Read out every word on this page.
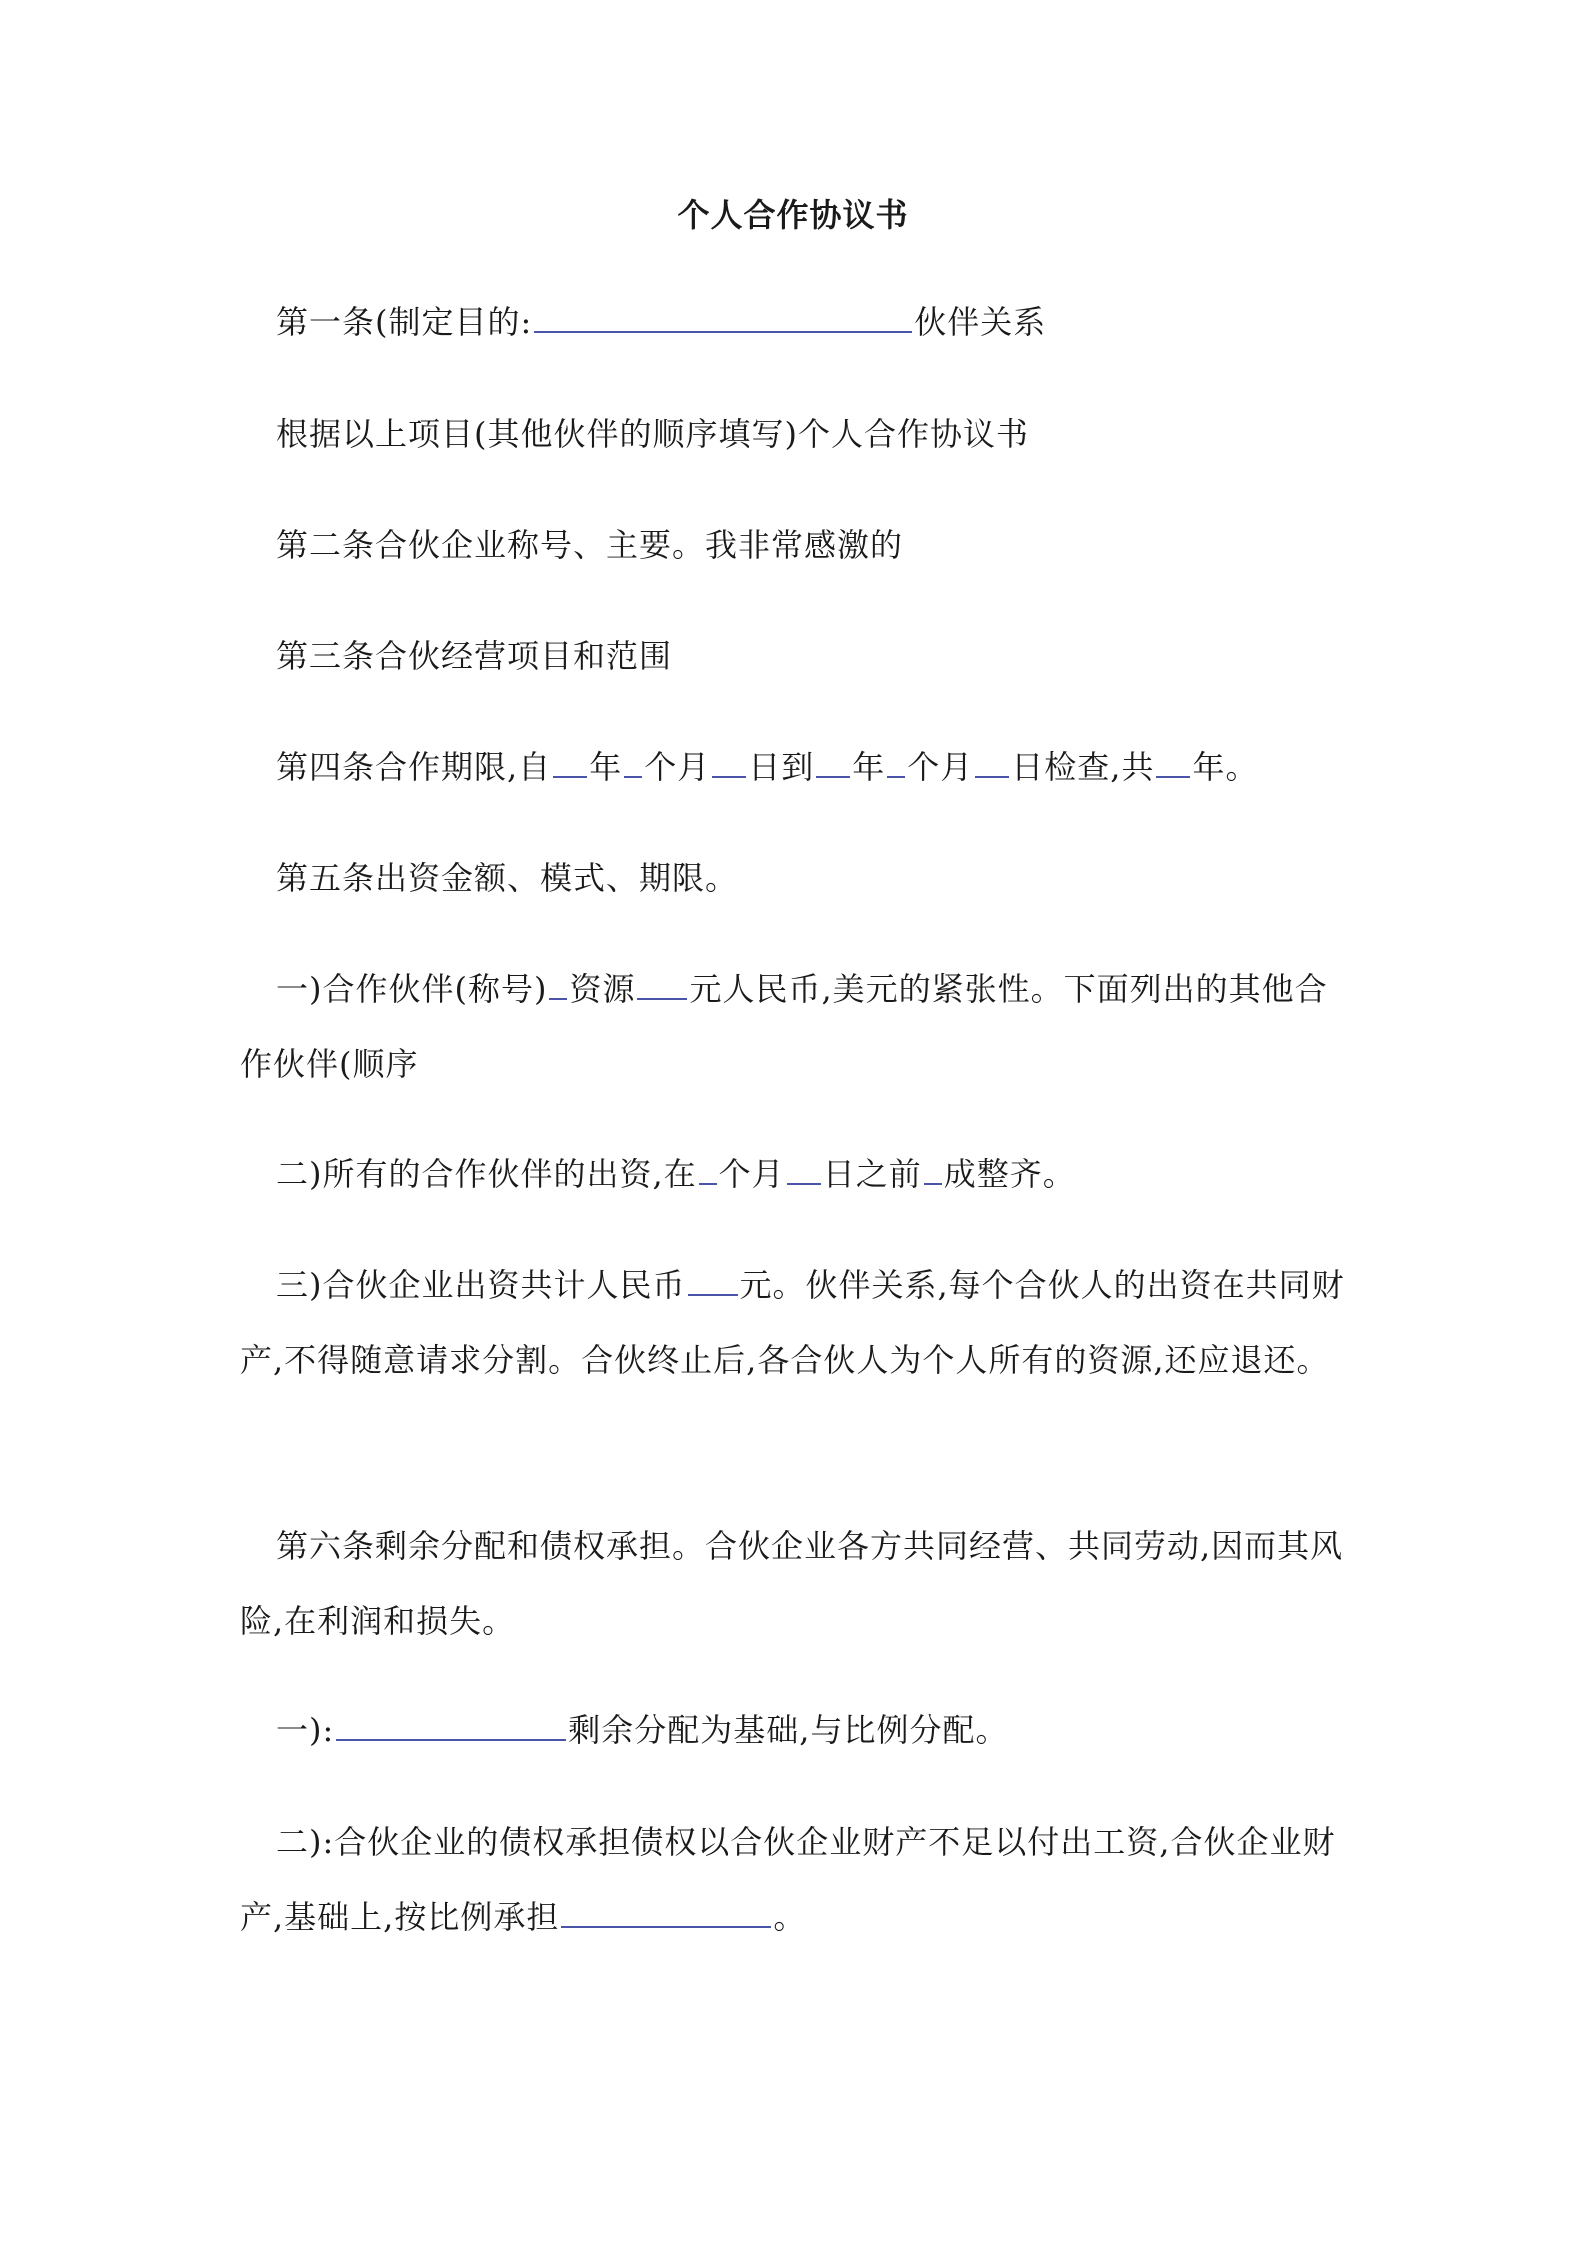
个人合作协议书
第一条(制定目的:	伙伴关系
根据以上项目(其他伙伴的顺序填写)个人合作协议书
第二条合伙企业称号、主要。我非常感激的
第三条合伙经营项目和范围
第四条合作期限,自 年 个月 日到 年 个月 日检查,共 年。
第五条出资金额、模式、期限。
一)合作伙伴(称号) 资源 元人民币,美元的紧张性。下面列出的其他合作伙伴(顺序
二)所有的合作伙伴的出资,在 个月 日之前 成整齐。
三)合伙企业出资共计人民币 元。伙伴关系,每个合伙人的出资在共同财产,不得随意请求分割。合伙终止后,各合伙人为个人所有的资源,还应退还。
第六条剩余分配和债权承担。合伙企业各方共同经营、共同劳动,因而其风险,在利润和损失。
一):	剩余分配为基础,与比例分配。
二):合伙企业的债权承担债权以合伙企业财产不足以付出工资,合伙企业财产,基础上,按比例承担	。
